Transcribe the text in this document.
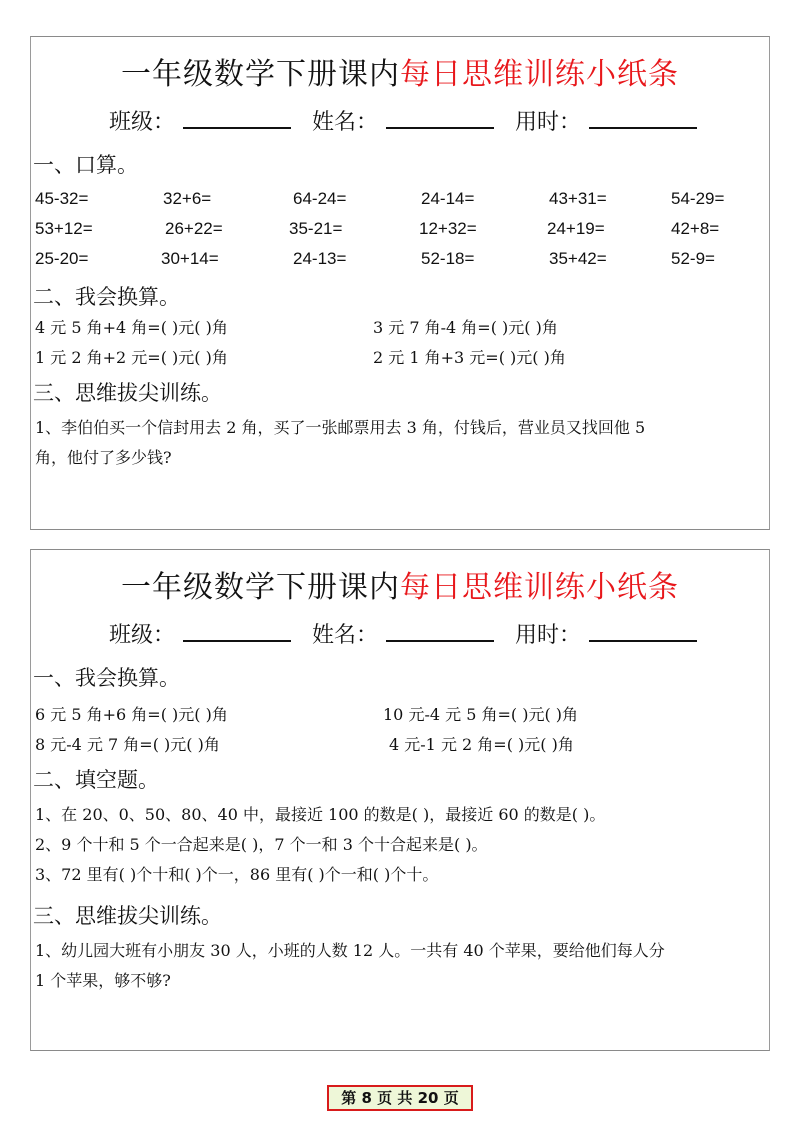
一年级数学下册课内每日思维训练小纸条
班级：	姓名：	用时：
一、口算。
45-32=	32+6=	64-24=	24-14=	43+31=	54-29=
53+12=	26+22=	35-21=	12+32=	24+19=	42+8=
25-20=	30+14=	24-13=	52-18=	35+42=	52-9=
二、我会换算。
4 元 5 角+4 角=( )元( )角	3 元 7 角-4 角=( )元( )角
1 元 2 角+2 元=( )元( )角	2 元 1 角+3 元=( )元( )角
三、思维拔尖训练。
1、李伯伯买一个信封用去 2 角，买了一张邮票用去 3 角，付钱后，营业员又找回他 5
角，他付了多少钱?
一年级数学下册课内每日思维训练小纸条
班级：	姓名：	用时：
一、我会换算。
6 元 5 角+6 角=( )元( )角	10 元-4 元 5 角=( )元( )角
8 元-4 元 7 角=( )元( )角	4 元-1 元 2 角=( )元( )角
二、填空题。
1、在 20、0、50、80、40 中，最接近 100 的数是( )，最接近 60 的数是( )。
2、9 个十和 5 个一合起来是( )，7 个一和 3 个十合起来是( )。
3、72 里有( )个十和( )个一，86 里有( )个一和( )个十。
三、思维拔尖训练。
1、幼儿园大班有小朋友 30 人，小班的人数 12 人。一共有 40 个苹果，要给他们每人分
1 个苹果，够不够?
第 8 页 共 20 页
